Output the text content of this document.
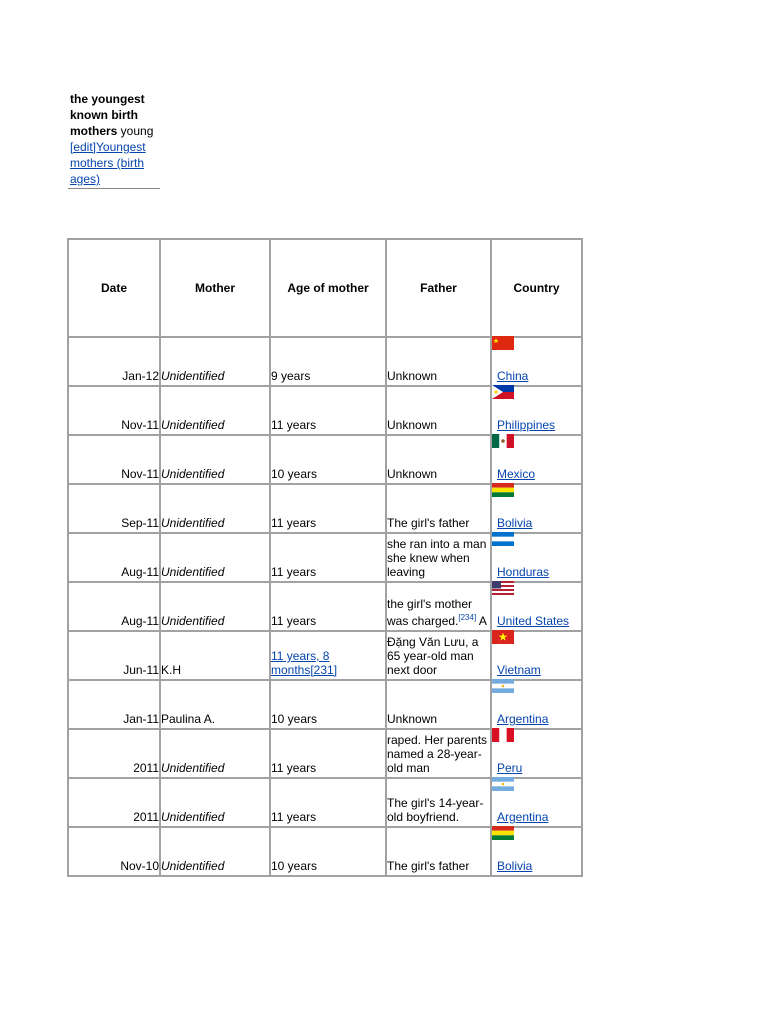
the youngest known birth mothers young
[edit]Youngest mothers (birth ages)
Date	Mother	Age of mother	Father	Country
Jan-12	Unidentified	9 years	Unknown	China

Nov-11	Unidentified	11 years	Unknown	Philippines

Nov-11	Unidentified	10 years	Unknown	Mexico

Sep-11	Unidentified	11 years	The girl's father	Bolivia

Aug-11	Unidentified	11 years	she ran into a man she knew when leaving	Honduras

Aug-11	Unidentified	11 years	the girl's mother was charged.[234] A	United States

Jun-11	K.H	11 years, 8 months[231]	Đặng Văn Lưu, a 65 year-old man next door	Vietnam

Jan-11	Paulina A.	10 years	Unknown	Argentina

2011	Unidentified	11 years	raped. Her parents named a 28-year-old man	Peru

2011	Unidentified	11 years	The girl's 14-year-old boyfriend.	Argentina

Nov-10	Unidentified	10 years	The girl's father	Bolivia
